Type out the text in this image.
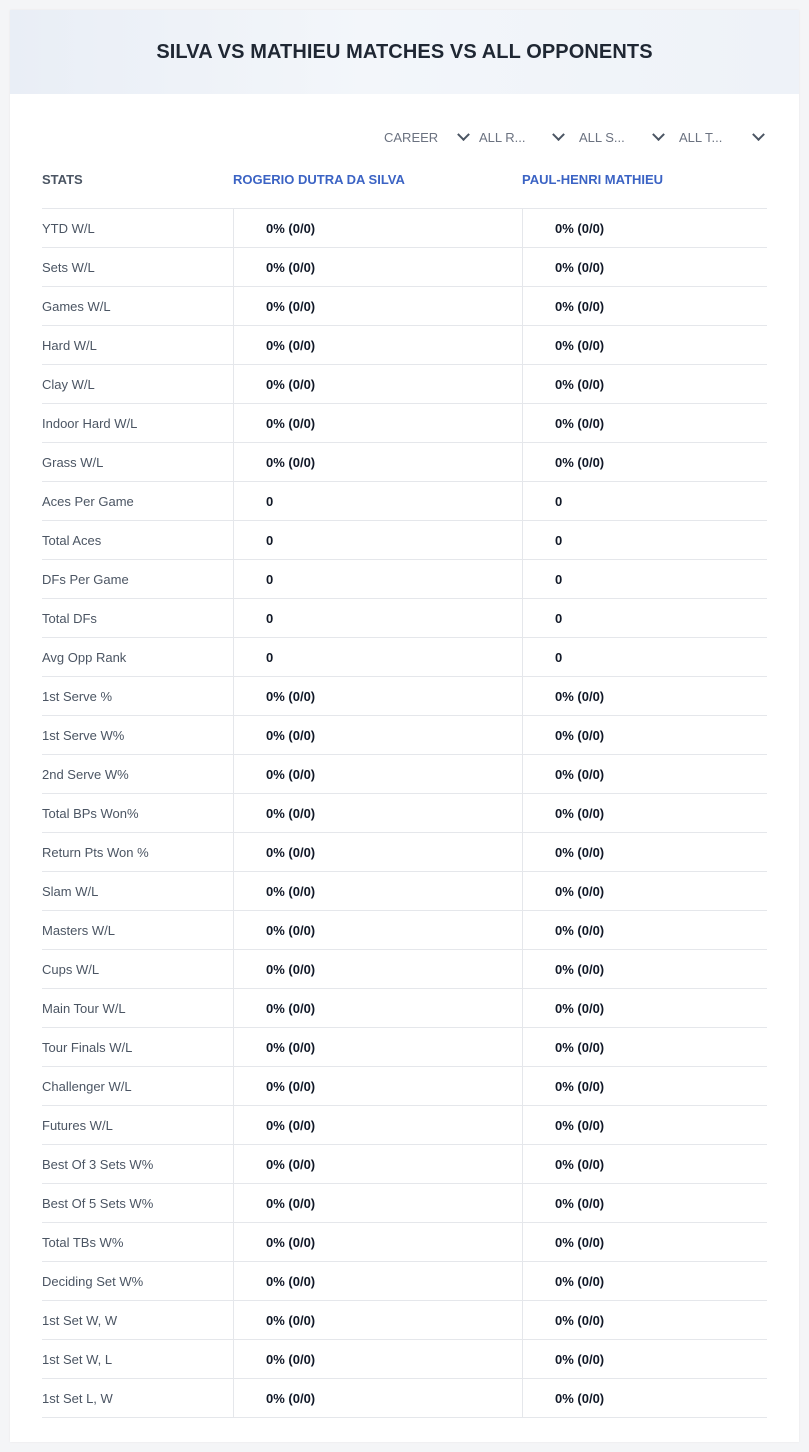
SILVA VS MATHIEU MATCHES VS ALL OPPONENTS
CAREER	ALL R...	ALL S...	ALL T...
STATS	ROGERIO DUTRA DA SILVA	PAUL-HENRI MATHIEU
YTD W/L	0% (0/0)	0% (0/0)
Sets W/L	0% (0/0)	0% (0/0)
Games W/L	0% (0/0)	0% (0/0)
Hard W/L	0% (0/0)	0% (0/0)
Clay W/L	0% (0/0)	0% (0/0)
Indoor Hard W/L	0% (0/0)	0% (0/0)
Grass W/L	0% (0/0)	0% (0/0)
Aces Per Game	0	0
Total Aces	0	0
DFs Per Game	0	0
Total DFs	0	0
Avg Opp Rank	0	0
1st Serve %	0% (0/0)	0% (0/0)
1st Serve W%	0% (0/0)	0% (0/0)
2nd Serve W%	0% (0/0)	0% (0/0)
Total BPs Won%	0% (0/0)	0% (0/0)
Return Pts Won %	0% (0/0)	0% (0/0)
Slam W/L	0% (0/0)	0% (0/0)
Masters W/L	0% (0/0)	0% (0/0)
Cups W/L	0% (0/0)	0% (0/0)
Main Tour W/L	0% (0/0)	0% (0/0)
Tour Finals W/L	0% (0/0)	0% (0/0)
Challenger W/L	0% (0/0)	0% (0/0)
Futures W/L	0% (0/0)	0% (0/0)
Best Of 3 Sets W%	0% (0/0)	0% (0/0)
Best Of 5 Sets W%	0% (0/0)	0% (0/0)
Total TBs W%	0% (0/0)	0% (0/0)
Deciding Set W%	0% (0/0)	0% (0/0)
1st Set W, W	0% (0/0)	0% (0/0)
1st Set W, L	0% (0/0)	0% (0/0)
1st Set L, W	0% (0/0)	0% (0/0)
